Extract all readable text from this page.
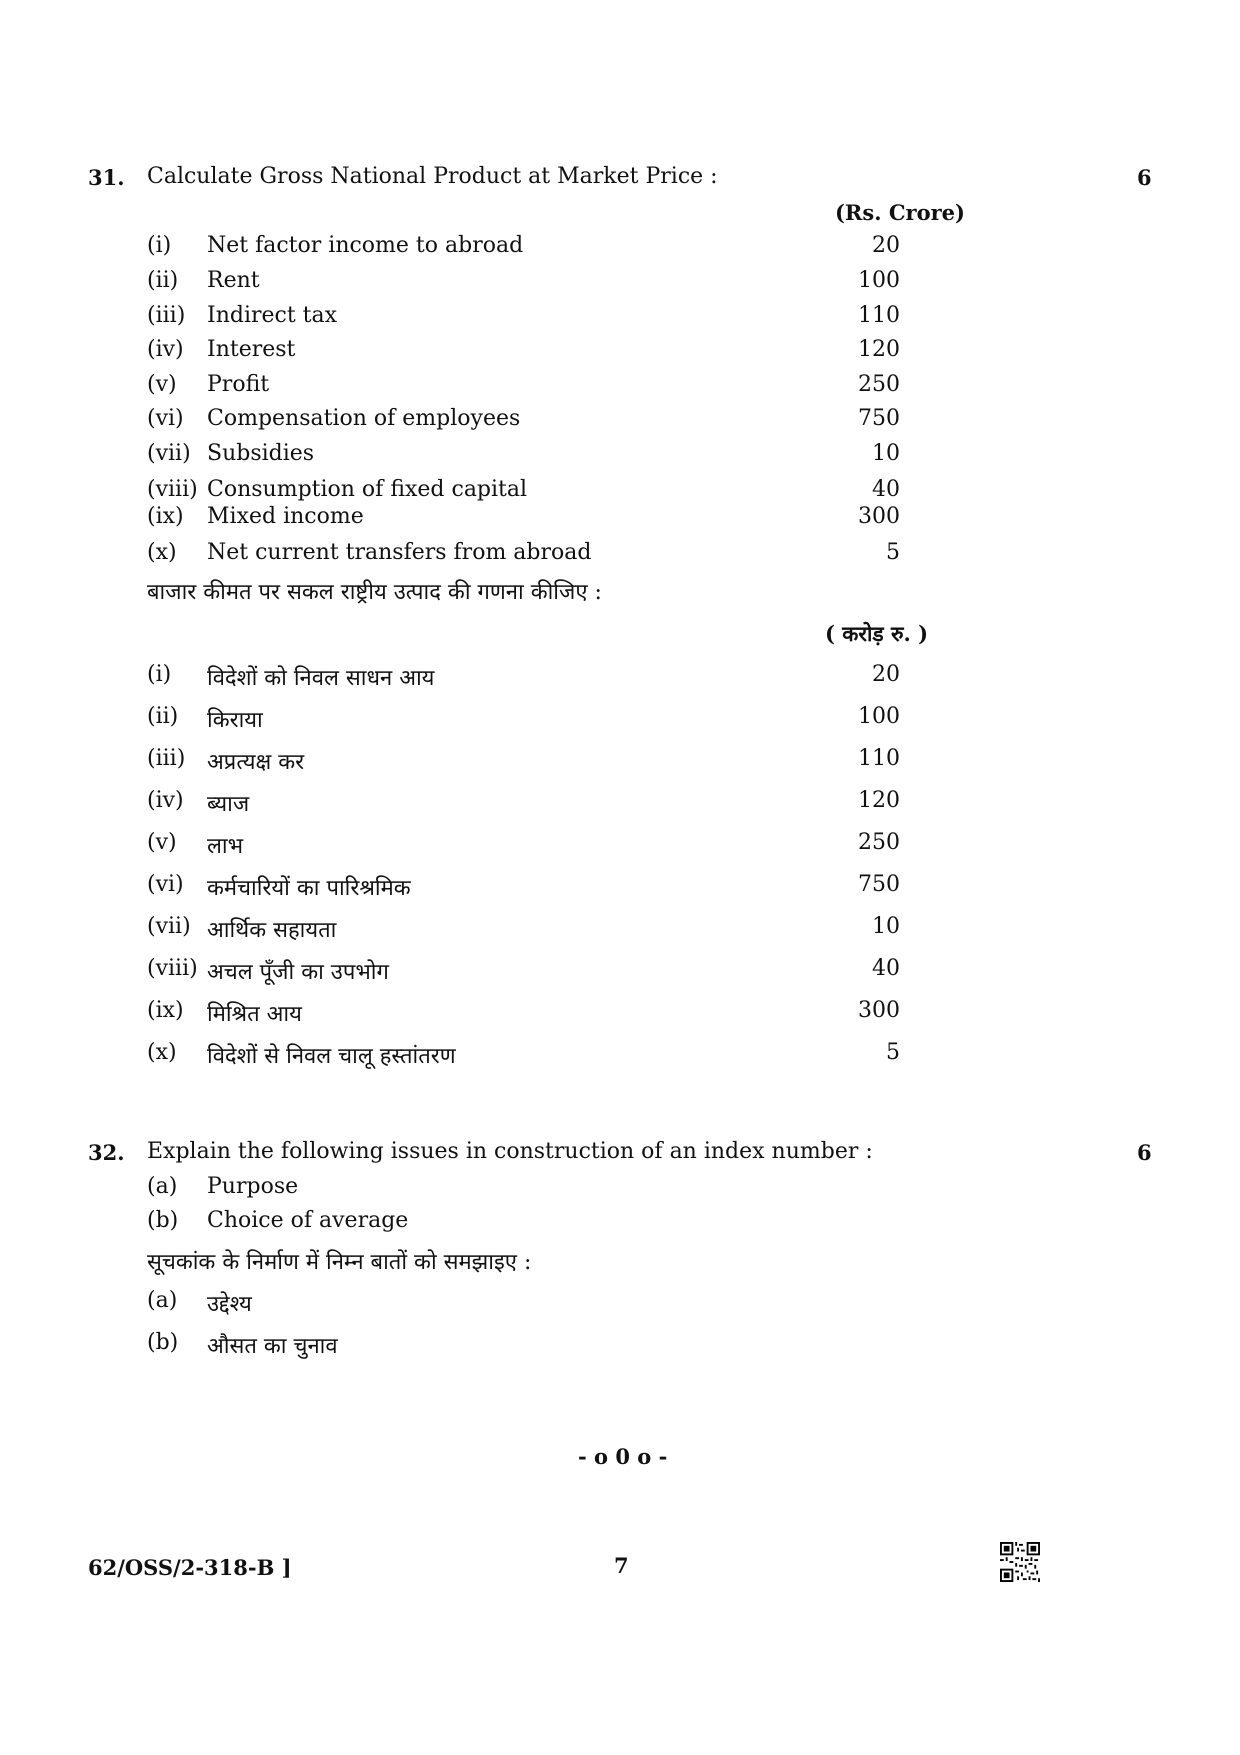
31. Calculate Gross National Product at Market Price :	6
(Rs. Crore)
(i) Net factor income to abroad	20
(ii) Rent	100
(iii) Indirect tax	110
(iv) Interest	120
(v) Profit	250
(vi) Compensation of employees	750
(vii) Subsidies	10
(viii) Consumption of fixed capital	40
(ix) Mixed income	300
(x) Net current transfers from abroad	5
बाजार कीमत पर सकल राष्ट्रीय उत्पाद की गणना कीजिए :
( करोड़ रु. )
(i) विदेशों को निवल साधन आय	20
(ii) किराया	100
(iii) अप्रत्यक्ष कर	110
(iv) ब्याज	120
(v) लाभ	250
(vi) कर्मचारियों का पारिश्रमिक	750
(vii) आर्थिक सहायता	10
(viii) अचल पूँजी का उपभोग	40
(ix) मिश्रित आय	300
(x) विदेशों से निवल चालू हस्तांतरण	5
32. Explain the following issues in construction of an index number :	6
(a) Purpose
(b) Choice of average
सूचकांक के निर्माण में निम्न बातों को समझाइए :
(a) उद्देश्य
(b) औसत का चुनाव
- o 0 o -
62/OSS/2-318-B ]	7
